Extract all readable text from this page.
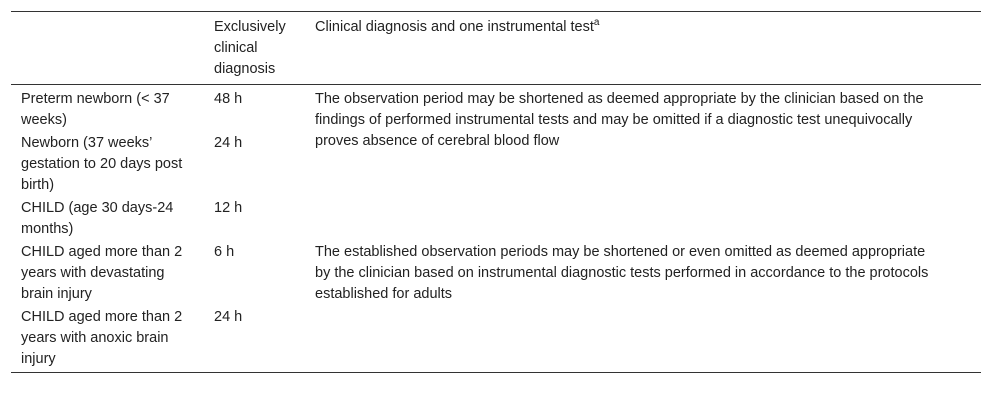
	Exclusively clinical diagnosis	Clinical diagnosis and one instrumental test$^a$
Preterm newborn (< 37 weeks)	48 h	The observation period may be shortened as deemed appropriate by the clinician based on the findings of performed instrumental tests and may be omitted if a diagnostic test unequivocally proves absence of cerebral blood flow
Newborn (37 weeks’ gestation to 20 days post birth)	24 h	
CHILD (age 30 days-24 months)	12 h	
CHILD aged more than 2 years with devastating brain injury	6 h	The established observation periods may be shortened or even omitted as deemed appropriate by the clinician based on instrumental diagnostic tests performed in accordance to the protocols established for adults
CHILD aged more than 2 years with anoxic brain injury	24 h	
